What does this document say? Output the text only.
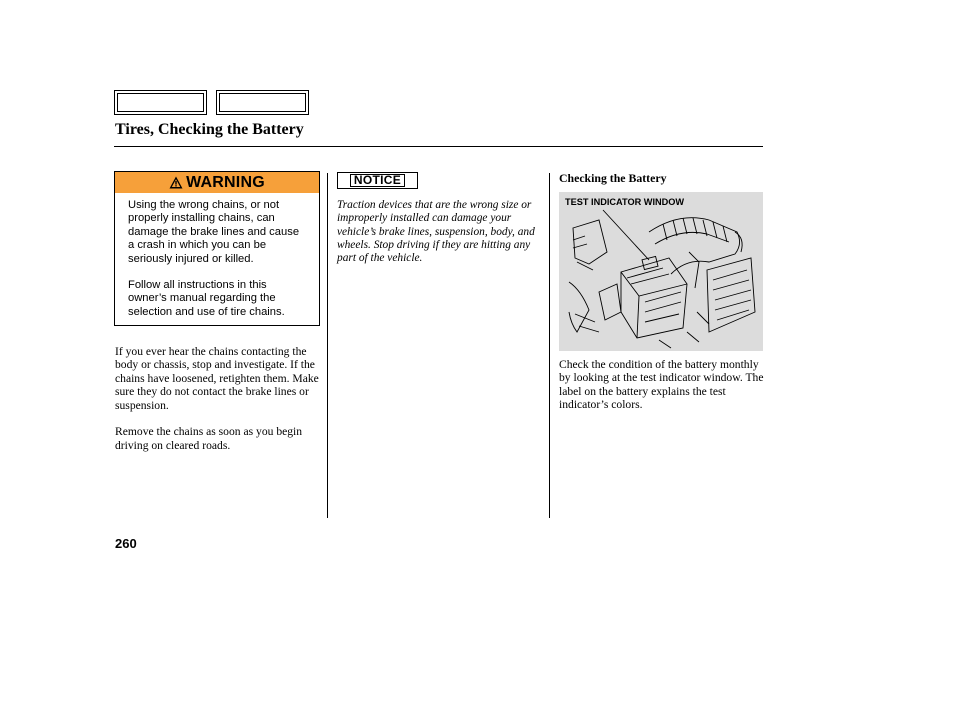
Tires, Checking the Battery
WARNING

Using the wrong chains, or not properly installing chains, can damage the brake lines and cause a crash in which you can be seriously injured or killed.

Follow all instructions in this owner’s manual regarding the selection and use of tire chains.

If you ever hear the chains contacting the body or chassis, stop and investigate. If the chains have loosened, retighten them. Make sure they do not contact the brake lines or suspension.

Remove the chains as soon as you begin driving on cleared roads.

NOTICE
Traction devices that are the wrong size or improperly installed can damage your vehicle’s brake lines, suspension, body, and wheels. Stop driving if they are hitting any part of the vehicle.
Checking the Battery
TEST INDICATOR WINDOW
Check the condition of the battery monthly by looking at the test indicator window. The label on the battery explains the test indicator’s colors.
260
